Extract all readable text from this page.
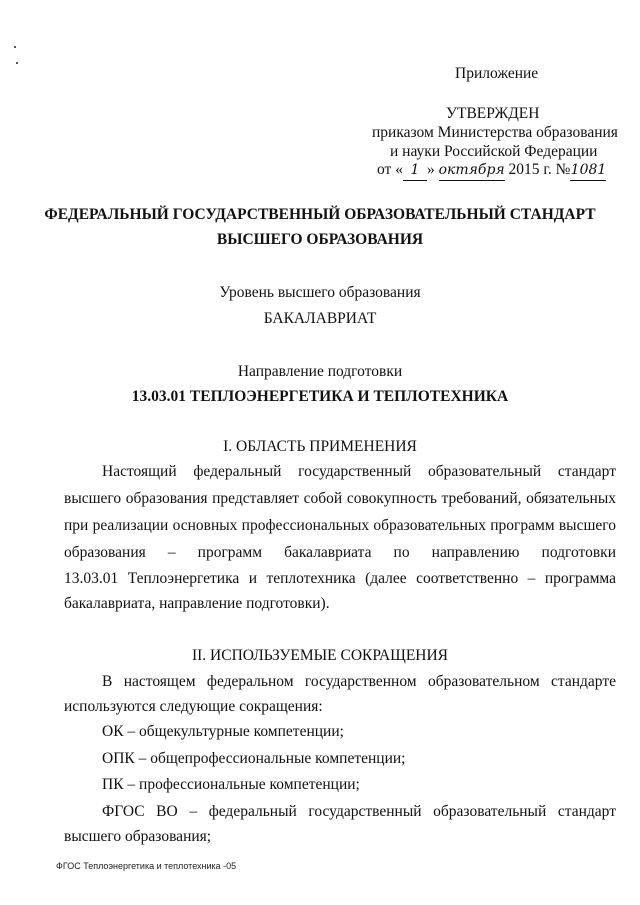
Приложение
УТВЕРЖДЕН
приказом Министерства образования
и науки Российской Федерации
от « 1 » октября 2015 г. №1081
ФЕДЕРАЛЬНЫЙ ГОСУДАРСТВЕННЫЙ ОБРАЗОВАТЕЛЬНЫЙ СТАНДАРТ
ВЫСШЕГО ОБРАЗОВАНИЯ
Уровень высшего образования
БАКАЛАВРИАТ
Направление подготовки
13.03.01 ТЕПЛОЭНЕРГЕТИКА И ТЕПЛОТЕХНИКА
I. ОБЛАСТЬ ПРИМЕНЕНИЯ
Настоящий федеральный государственный образовательный стандарт
высшего образования представляет собой совокупность требований, обязательных
при реализации основных профессиональных образовательных программ высшего
образования – программ бакалавриата по направлению подготовки
13.03.01 Теплоэнергетика и теплотехника (далее соответственно – программа
бакалавриата, направление подготовки).
II. ИСПОЛЬЗУЕМЫЕ СОКРАЩЕНИЯ
В настоящем федеральном государственном образовательном стандарте
используются следующие сокращения:
ОК – общекультурные компетенции;
ОПК – общепрофессиональные компетенции;
ПК – профессиональные компетенции;
ФГОС ВО – федеральный государственный образовательный стандарт
высшего образования;
ФГОС Теплоэнергетика и теплотехника -05
